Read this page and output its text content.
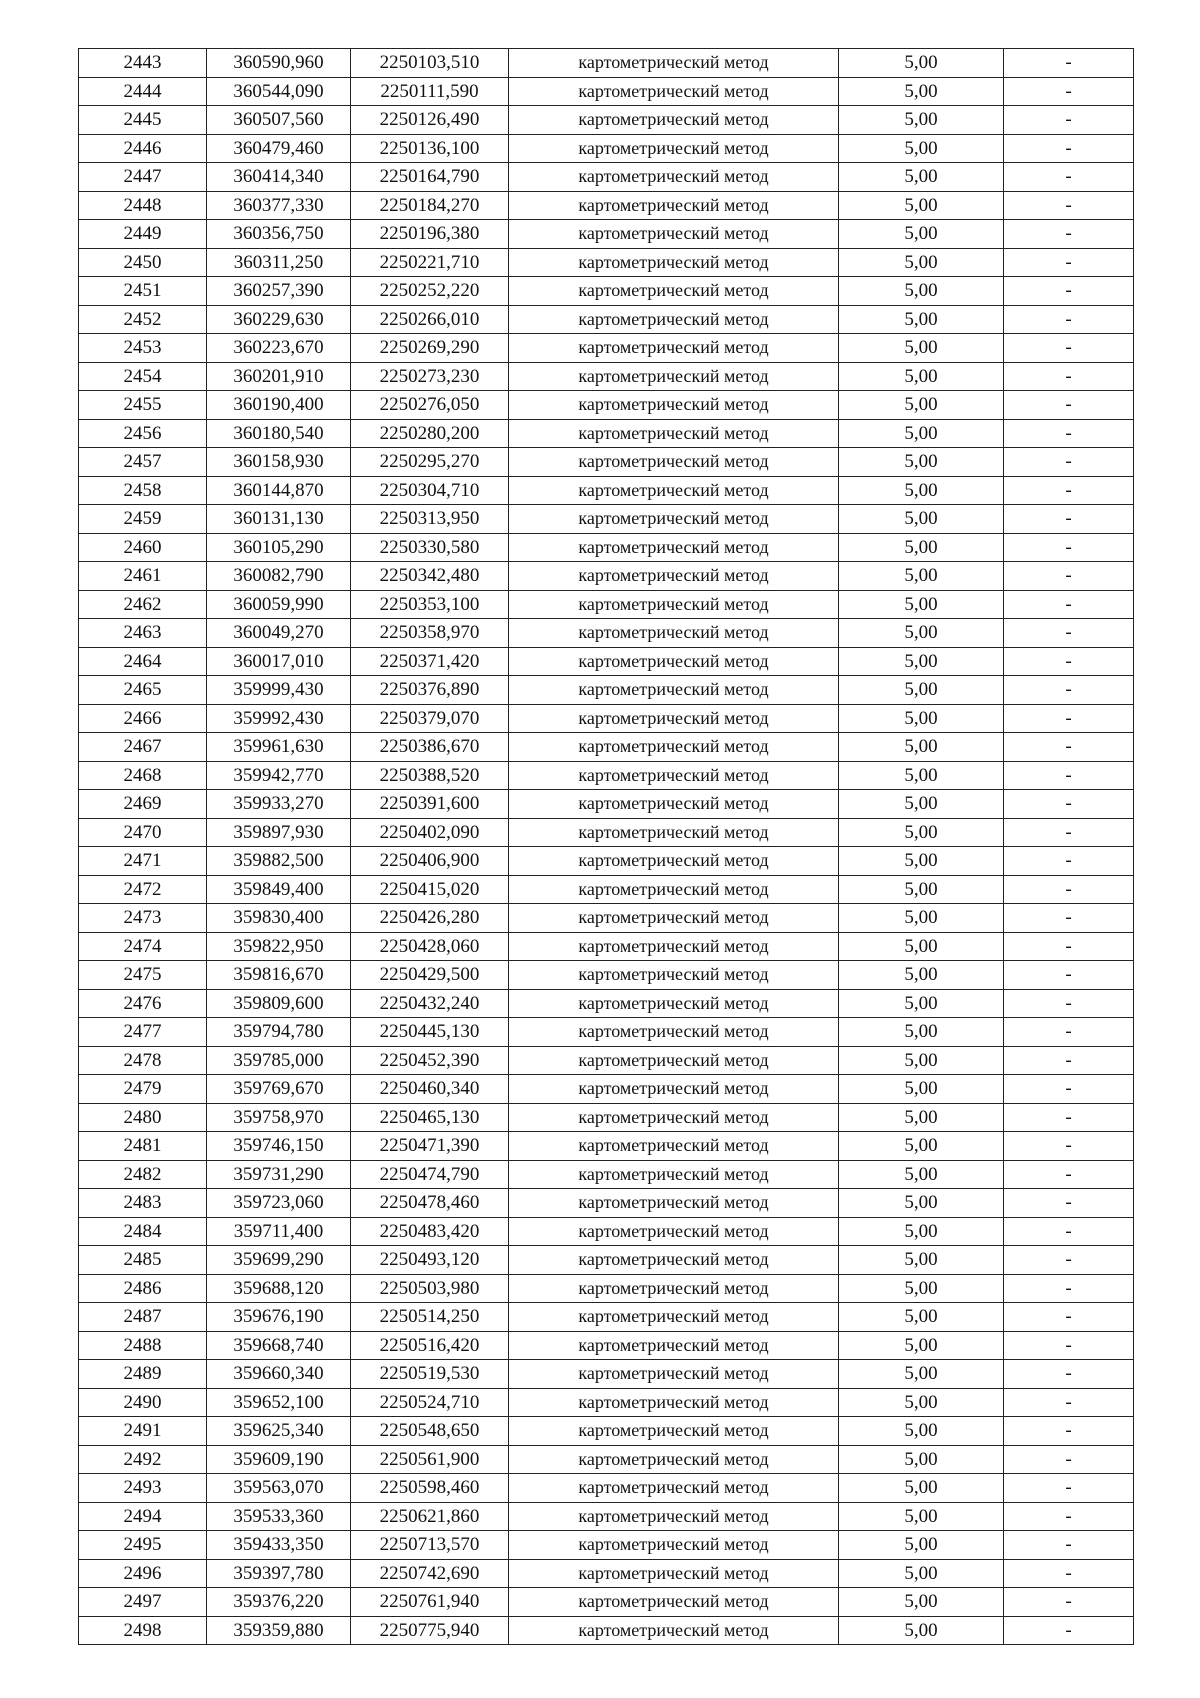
2443	360590,960	2250103,510	картометрический метод	5,00	-
2444	360544,090	2250111,590	картометрический метод	5,00	-
2445	360507,560	2250126,490	картометрический метод	5,00	-
2446	360479,460	2250136,100	картометрический метод	5,00	-
2447	360414,340	2250164,790	картометрический метод	5,00	-
2448	360377,330	2250184,270	картометрический метод	5,00	-
2449	360356,750	2250196,380	картометрический метод	5,00	-
2450	360311,250	2250221,710	картометрический метод	5,00	-
2451	360257,390	2250252,220	картометрический метод	5,00	-
2452	360229,630	2250266,010	картометрический метод	5,00	-
2453	360223,670	2250269,290	картометрический метод	5,00	-
2454	360201,910	2250273,230	картометрический метод	5,00	-
2455	360190,400	2250276,050	картометрический метод	5,00	-
2456	360180,540	2250280,200	картометрический метод	5,00	-
2457	360158,930	2250295,270	картометрический метод	5,00	-
2458	360144,870	2250304,710	картометрический метод	5,00	-
2459	360131,130	2250313,950	картометрический метод	5,00	-
2460	360105,290	2250330,580	картометрический метод	5,00	-
2461	360082,790	2250342,480	картометрический метод	5,00	-
2462	360059,990	2250353,100	картометрический метод	5,00	-
2463	360049,270	2250358,970	картометрический метод	5,00	-
2464	360017,010	2250371,420	картометрический метод	5,00	-
2465	359999,430	2250376,890	картометрический метод	5,00	-
2466	359992,430	2250379,070	картометрический метод	5,00	-
2467	359961,630	2250386,670	картометрический метод	5,00	-
2468	359942,770	2250388,520	картометрический метод	5,00	-
2469	359933,270	2250391,600	картометрический метод	5,00	-
2470	359897,930	2250402,090	картометрический метод	5,00	-
2471	359882,500	2250406,900	картометрический метод	5,00	-
2472	359849,400	2250415,020	картометрический метод	5,00	-
2473	359830,400	2250426,280	картометрический метод	5,00	-
2474	359822,950	2250428,060	картометрический метод	5,00	-
2475	359816,670	2250429,500	картометрический метод	5,00	-
2476	359809,600	2250432,240	картометрический метод	5,00	-
2477	359794,780	2250445,130	картометрический метод	5,00	-
2478	359785,000	2250452,390	картометрический метод	5,00	-
2479	359769,670	2250460,340	картометрический метод	5,00	-
2480	359758,970	2250465,130	картометрический метод	5,00	-
2481	359746,150	2250471,390	картометрический метод	5,00	-
2482	359731,290	2250474,790	картометрический метод	5,00	-
2483	359723,060	2250478,460	картометрический метод	5,00	-
2484	359711,400	2250483,420	картометрический метод	5,00	-
2485	359699,290	2250493,120	картометрический метод	5,00	-
2486	359688,120	2250503,980	картометрический метод	5,00	-
2487	359676,190	2250514,250	картометрический метод	5,00	-
2488	359668,740	2250516,420	картометрический метод	5,00	-
2489	359660,340	2250519,530	картометрический метод	5,00	-
2490	359652,100	2250524,710	картометрический метод	5,00	-
2491	359625,340	2250548,650	картометрический метод	5,00	-
2492	359609,190	2250561,900	картометрический метод	5,00	-
2493	359563,070	2250598,460	картометрический метод	5,00	-
2494	359533,360	2250621,860	картометрический метод	5,00	-
2495	359433,350	2250713,570	картометрический метод	5,00	-
2496	359397,780	2250742,690	картометрический метод	5,00	-
2497	359376,220	2250761,940	картометрический метод	5,00	-
2498	359359,880	2250775,940	картометрический метод	5,00	-
